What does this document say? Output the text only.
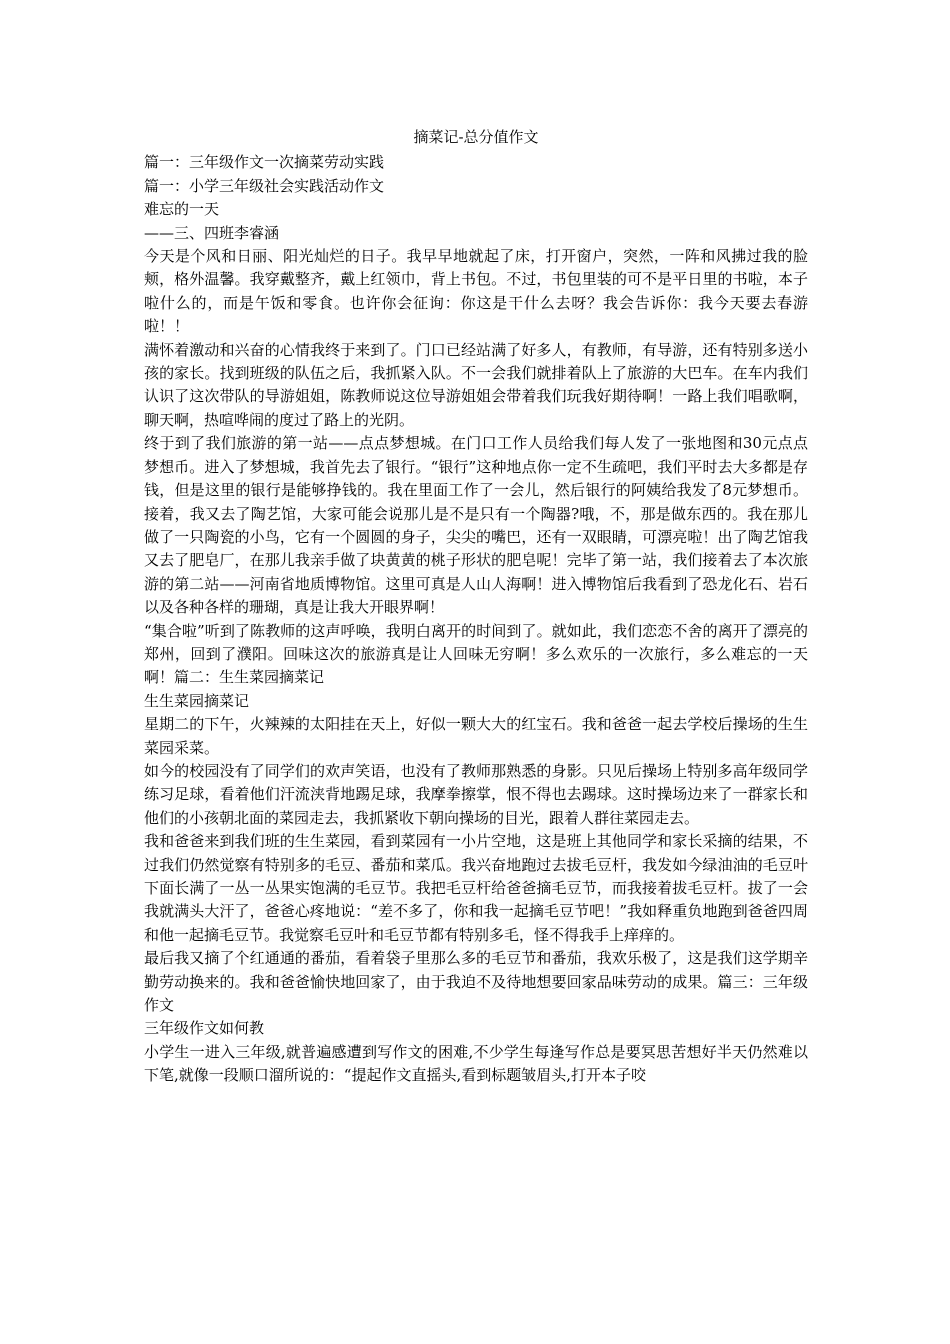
摘菜记-总分值作文
篇一：三年级作文一次摘菜劳动实践
篇一：小学三年级社会实践活动作文
难忘的一天
——三、四班李睿涵
今天是个风和日丽、阳光灿烂的日子。我早早地就起了床，打开窗户，突然，一阵和风拂过我的脸颊，格外温馨。我穿戴整齐，戴上红领巾，背上书包。不过，书包里装的可不是平日里的书啦，本子啦什么的，而是午饭和零食。也许你会征询：你这是干什么去呀？我会告诉你：我今天要去春游啦！！
满怀着激动和兴奋的心情我终于来到了。门口已经站满了好多人，有教师，有导游，还有特别多送小孩的家长。找到班级的队伍之后，我抓紧入队。不一会我们就排着队上了旅游的大巴车。在车内我们认识了这次带队的导游姐姐，陈教师说这位导游姐姐会带着我们玩我好期待啊！一路上我们唱歌啊，聊天啊，热喧哗闹的度过了路上的光阴。
终于到了我们旅游的第一站——点点梦想城。在门口工作人员给我们每人发了一张地图和30元点点梦想币。进入了梦想城，我首先去了银行。“银行”这种地点你一定不生疏吧，我们平时去大多都是存钱，但是这里的银行是能够挣钱的。我在里面工作了一会儿，然后银行的阿姨给我发了8元梦想币。接着，我又去了陶艺馆，大家可能会说那儿是不是只有一个陶器?哦，不，那是做东西的。我在那儿做了一只陶瓷的小鸟，它有一个圆圆的身子，尖尖的嘴巴，还有一双眼睛，可漂亮啦！出了陶艺馆我又去了肥皂厂，在那儿我亲手做了块黄黄的桃子形状的肥皂呢！完毕了第一站，我们接着去了本次旅游的第二站——河南省地质博物馆。这里可真是人山人海啊！进入博物馆后我看到了恐龙化石、岩石以及各种各样的珊瑚，真是让我大开眼界啊！
“集合啦”听到了陈教师的这声呼唤，我明白离开的时间到了。就如此，我们恋恋不舍的离开了漂亮的郑州，回到了濮阳。回味这次的旅游真是让人回味无穷啊！多么欢乐的一次旅行，多么难忘的一天啊！篇二：生生菜园摘菜记
生生菜园摘菜记
星期二的下午，火辣辣的太阳挂在天上，好似一颗大大的红宝石。我和爸爸一起去学校后操场的生生菜园采菜。
如今的校园没有了同学们的欢声笑语，也没有了教师那熟悉的身影。只见后操场上特别多高年级同学练习足球，看着他们汗流浃背地踢足球，我摩拳擦掌，恨不得也去踢球。这时操场边来了一群家长和他们的小孩朝北面的菜园走去，我抓紧收下朝向操场的目光，跟着人群往菜园走去。
我和爸爸来到我们班的生生菜园，看到菜园有一小片空地，这是班上其他同学和家长采摘的结果，不过我们仍然觉察有特别多的毛豆、番茄和菜瓜。我兴奋地跑过去拔毛豆杆，我发如今绿油油的毛豆叶下面长满了一丛一丛果实饱满的毛豆节。我把毛豆杆给爸爸摘毛豆节，而我接着拔毛豆杆。拔了一会我就满头大汗了，爸爸心疼地说：“差不多了，你和我一起摘毛豆节吧！”我如释重负地跑到爸爸四周和他一起摘毛豆节。我觉察毛豆叶和毛豆节都有特别多毛，怪不得我手上痒痒的。
最后我又摘了个红通通的番茄，看着袋子里那么多的毛豆节和番茄，我欢乐极了，这是我们这学期辛勤劳动换来的。我和爸爸愉快地回家了，由于我迫不及待地想要回家品味劳动的成果。篇三：三年级作文
三年级作文如何教
小学生一进入三年级,就普遍感遭到写作文的困难,不少学生每逢写作总是要冥思苦想好半天仍然难以下笔,就像一段顺口溜所说的：“提起作文直摇头,看到标题皱眉头,打开本子咬
